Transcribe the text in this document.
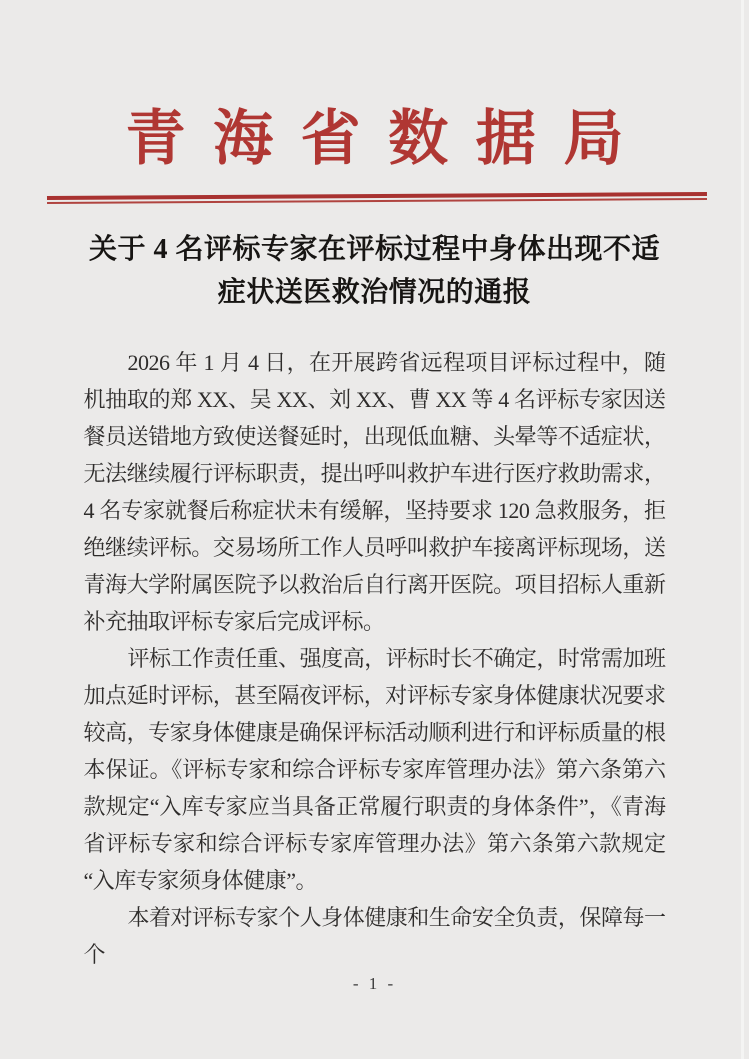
青海省数据局
关于 4 名评标专家在评标过程中身体出现不适症状送医救治情况的通报

2026 年 1 月 4 日，在开展跨省远程项目评标过程中，随机抽取的郑 XX、吴 XX、刘 XX、曹 XX 等 4 名评标专家因送餐员送错地方致使送餐延时，出现低血糖、头晕等不适症状，无法继续履行评标职责，提出呼叫救护车进行医疗救助需求，4 名专家就餐后称症状未有缓解，坚持要求 120 急救服务，拒绝继续评标。交易场所工作人员呼叫救护车接离评标现场，送青海大学附属医院予以救治后自行离开医院。项目招标人重新补充抽取评标专家后完成评标。

评标工作责任重、强度高，评标时长不确定，时常需加班加点延时评标，甚至隔夜评标，对评标专家身体健康状况要求较高，专家身体健康是确保评标活动顺利进行和评标质量的根本保证。《评标专家和综合评标专家库管理办法》第六条第六款规定“入库专家应当具备正常履行职责的身体条件”，《青海省评标专家和综合评标专家库管理办法》第六条第六款规定“入库专家须身体健康”。

本着对评标专家个人身体健康和生命安全负责，保障每一个

- 1 -
